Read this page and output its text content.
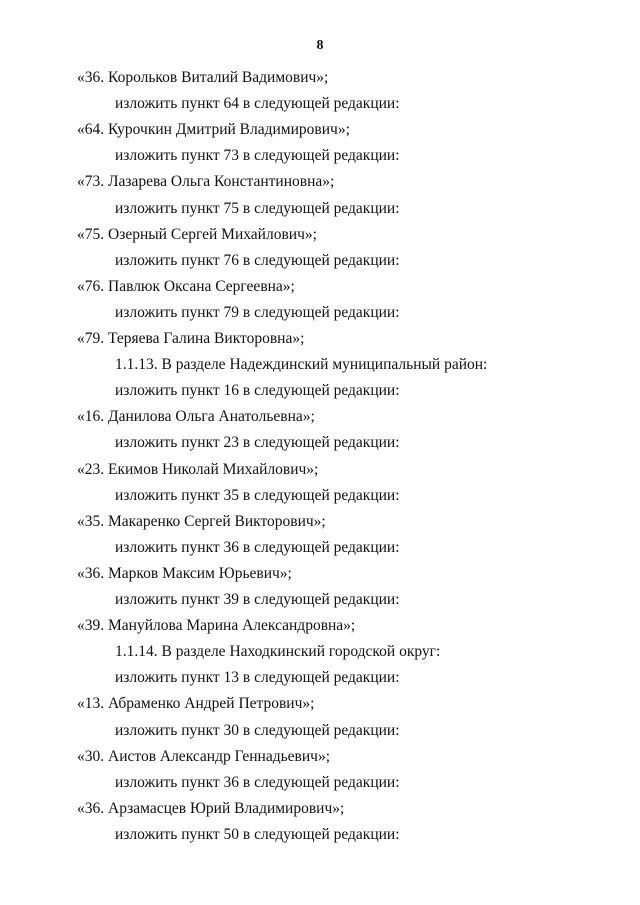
8
«36. Корольков Виталий Вадимович»;
изложить пункт 64 в следующей редакции:
«64. Курочкин Дмитрий Владимирович»;
изложить пункт 73 в следующей редакции:
«73. Лазарева Ольга Константиновна»;
изложить пункт 75 в следующей редакции:
«75. Озерный Сергей Михайлович»;
изложить пункт 76 в следующей редакции:
«76. Павлюк Оксана Сергеевна»;
изложить пункт 79 в следующей редакции:
«79. Теряева Галина Викторовна»;
1.1.13. В разделе Надеждинский муниципальный район:
изложить пункт 16 в следующей редакции:
«16. Данилова Ольга Анатольевна»;
изложить пункт 23 в следующей редакции:
«23. Екимов Николай Михайлович»;
изложить пункт 35 в следующей редакции:
«35. Макаренко Сергей Викторович»;
изложить пункт 36 в следующей редакции:
«36. Марков Максим Юрьевич»;
изложить пункт 39 в следующей редакции:
«39. Мануйлова Марина Александровна»;
1.1.14. В разделе Находкинский городской округ:
изложить пункт 13 в следующей редакции:
«13. Абраменко Андрей Петрович»;
изложить пункт 30 в следующей редакции:
«30. Аистов Александр Геннадьевич»;
изложить пункт 36 в следующей редакции:
«36. Арзамасцев Юрий Владимирович»;
изложить пункт 50 в следующей редакции:
